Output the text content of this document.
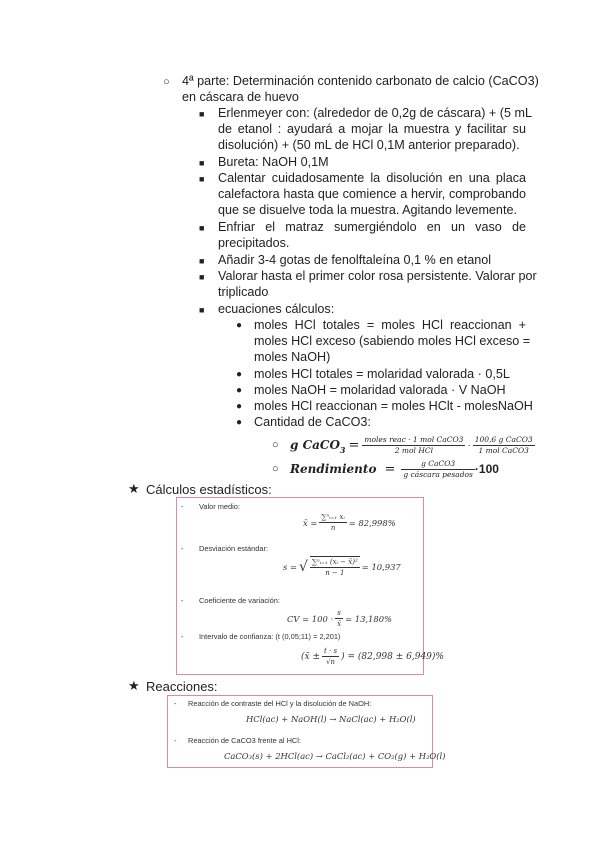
○ 4ª parte: Determinación contenido carbonato de calcio (CaCO3)
en cáscara de huevo
■ Erlenmeyer con: (alrededor de 0,2g de cáscara) + (5 mL
de etanol : ayudará a mojar la muestra y facilitar su
disolución) + (50 mL de HCl 0,1M anterior preparado).
■ Bureta: NaOH 0,1M
■ Calentar cuidadosamente la disolución en una placa
calefactora hasta que comience a hervir, comprobando
que se disuelve toda la muestra. Agitando levemente.
■ Enfriar el matraz sumergiéndolo en un vaso de
precipitados.
■ Añadir 3-4 gotas de fenolftaleína 0,1 % en etanol
■ Valorar hasta el primer color rosa persistente. Valorar por
triplicado
■ ecuaciones cálculos:
● moles HCl totales = moles HCl reaccionan +
moles HCl exceso (sabiendo moles HCl exceso =
moles NaOH)
● moles HCl totales = molaridad valorada · 0,5L
● moles NaOH = molaridad valorada · V NaOH
● moles HCl reaccionan = moles HClt - molesNaOH
● Cantidad de CaCO3:
○ g CaCO $3 = \frac{\text{moles reac · 1 mol CaCO3}}{\text{2 mol HCl}} \cdot \frac{\text{100,6 g CaCO3}}{\text{1 mol CaCO3}}$
○ Rendimiento = $\frac{\text{g CaCO3}}{\text{g cáscara pesados}} \cdot 100$
★ Cálculos estadísticos:
- Valor medio:
x̄ = $\frac{\text{∑ⁿᵢ₌₁ xᵢ}}{n} = 82,998\%$
- Desviación estándar:
s = √ $\frac{\text{∑ⁿᵢ₌₁ (xᵢ − x̄)²}}{n - 1} = 10,937$
- Coeficiente de variación:
CV = $100 \cdot \frac{s}{x̄} = 13,180\%$
- Intervalo de confianza: (t (0,05;11) = 2,201)
(x̄ ± $\frac{t \cdot s}{√n}$ ) = (82,998 ± 6,949)%
★ Reacciones:
- Reacción de contraste del HCl y la disolución de NaOH:
HCl(ac) + NaOH(l) → NaCl(ac) + H₂O(l)
- Reacción de CaCO3 frente al HCl:
CaCO₃(s) + 2HCl(ac) → CaCl₂(ac) + CO₂(g) + H₂O(l)
